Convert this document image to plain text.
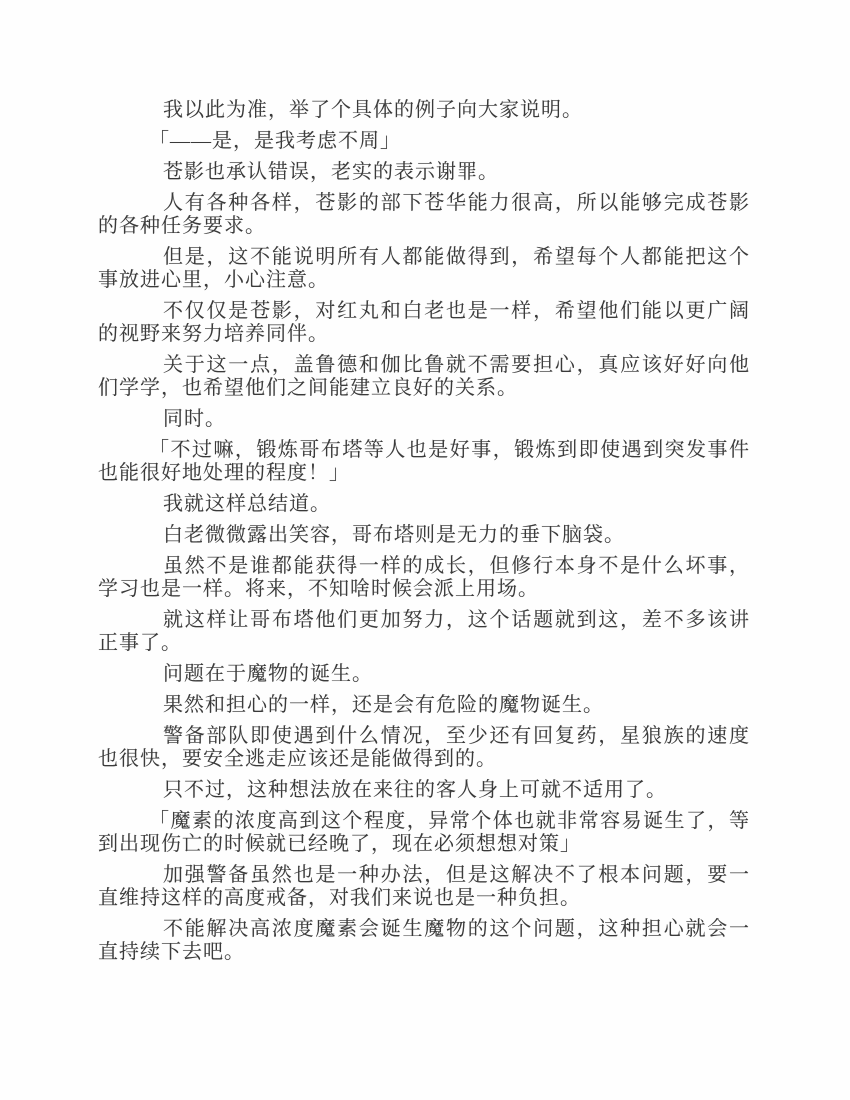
我以此为准，举了个具体的例子向大家说明。

「——是，是我考虑不周」

苍影也承认错误，老实的表示谢罪。

人有各种各样，苍影的部下苍华能力很高，所以能够完成苍影的各种任务要求。

但是，这不能说明所有人都能做得到，希望每个人都能把这个事放进心里，小心注意。

不仅仅是苍影，对红丸和白老也是一样，希望他们能以更广阔的视野来努力培养同伴。

关于这一点，盖鲁德和伽比鲁就不需要担心，真应该好好向他们学学，也希望他们之间能建立良好的关系。

同时。

「不过嘛，锻炼哥布塔等人也是好事，锻炼到即使遇到突发事件也能很好地处理的程度！」

我就这样总结道。

白老微微露出笑容，哥布塔则是无力的垂下脑袋。

虽然不是谁都能获得一样的成长，但修行本身不是什么坏事，学习也是一样。将来，不知啥时候会派上用场。

就这样让哥布塔他们更加努力，这个话题就到这，差不多该讲正事了。

问题在于魔物的诞生。

果然和担心的一样，还是会有危险的魔物诞生。

警备部队即使遇到什么情况，至少还有回复药，星狼族的速度也很快，要安全逃走应该还是能做得到的。

只不过，这种想法放在来往的客人身上可就不适用了。

「魔素的浓度高到这个程度，异常个体也就非常容易诞生了，等到出现伤亡的时候就已经晚了，现在必须想想对策」

加强警备虽然也是一种办法，但是这解决不了根本问题，要一直维持这样的高度戒备，对我们来说也是一种负担。

不能解决高浓度魔素会诞生魔物的这个问题，这种担心就会一直持续下去吧。
